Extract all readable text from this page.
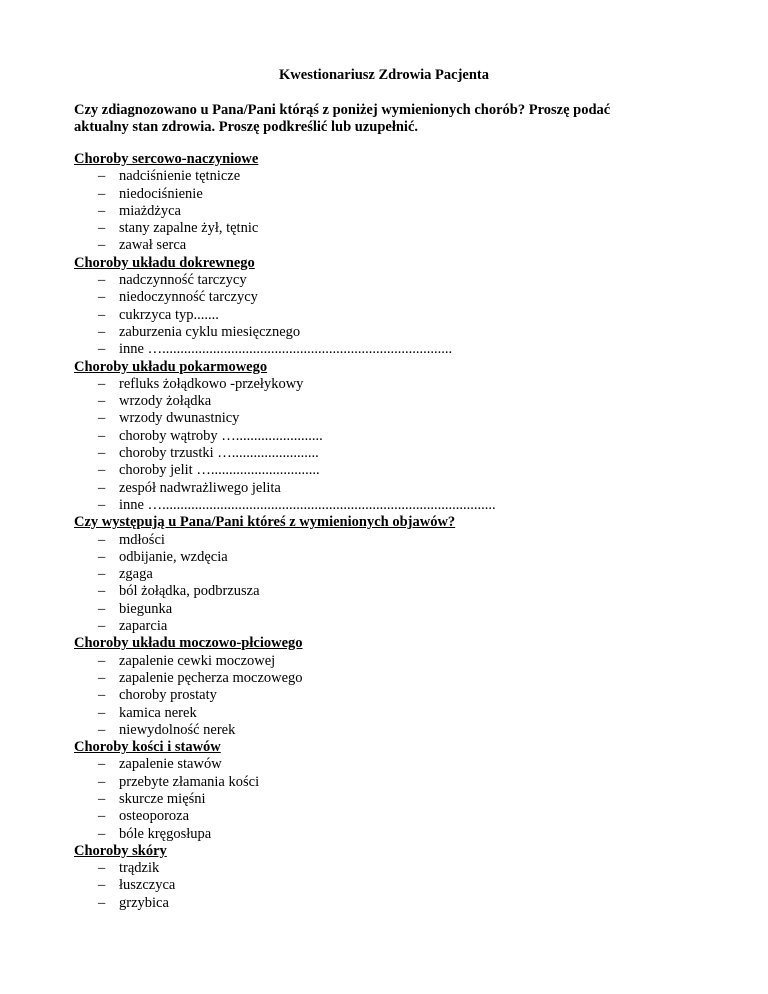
Kwestionariusz Zdrowia Pacjenta
Czy zdiagnozowano u Pana/Pani którąś z poniżej wymienionych chorób? Proszę podać
aktualny stan zdrowia. Proszę podkreślić lub uzupełnić.
Choroby sercowo-naczyniowe
– nadciśnienie tętnicze
– niedociśnienie
– miażdżyca
– stany zapalne żył, tętnic
– zawał serca
Choroby układu dokrewnego
– nadczynność tarczycy
– niedoczynność tarczycy
– cukrzyca typ.......
– zaburzenia cyklu miesięcznego
– inne …................................................................................
Choroby układu pokarmowego
– refluks żołądkowo -przełykowy
– wrzody żołądka
– wrzody dwunastnicy
– choroby wątroby …........................
– choroby trzustki …........................
– choroby jelit …..............................
– zespół nadwrażliwego jelita
– inne …............................................................................................
Czy występują u Pana/Pani któreś z wymienionych objawów?
– mdłości
– odbijanie, wzdęcia
– zgaga
– ból żołądka, podbrzusza
– biegunka
– zaparcia
Choroby układu moczowo-płciowego
– zapalenie cewki moczowej
– zapalenie pęcherza moczowego
– choroby prostaty
– kamica nerek
– niewydolność nerek
Choroby kości i stawów
– zapalenie stawów
– przebyte złamania kości
– skurcze mięśni
– osteoporoza
– bóle kręgosłupa
Choroby skóry
– trądzik
– łuszczyca
– grzybica
